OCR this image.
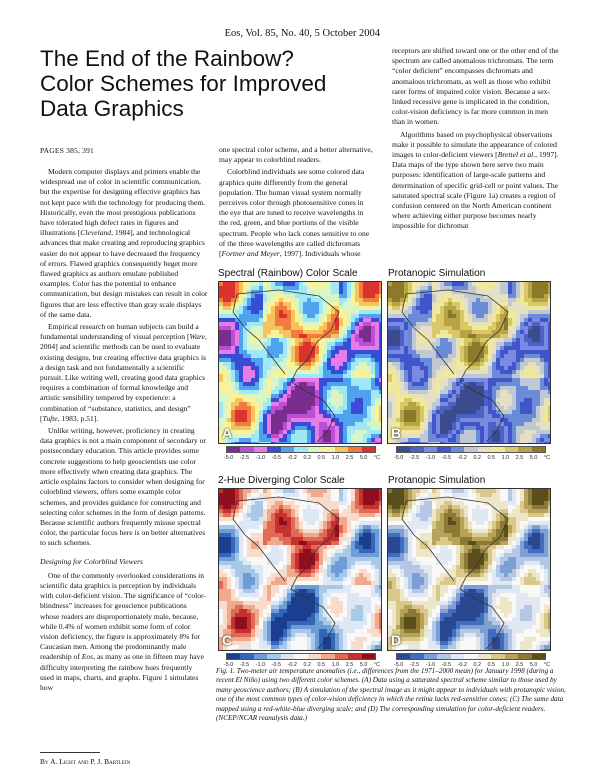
Eos, Vol. 85, No. 40, 5 October 2004
The End of the Rainbow?
Color Schemes for Improved
Data Graphics
PAGES 385, 391

Modern computer displays and printers enable the widespread use of color in scientific communication, but the expertise for designing effective graphics has not kept pace with the technology for producing them. Historically, even the most prestigious publications have tolerated high defect rates in figures and illustrations [Cleveland, 1984], and technological advances that make creating and reproducing graphics easier do not appear to have decreased the frequency of errors. Flawed graphics consequently beget more flawed graphics as authors emulate published examples. Color has the potential to enhance communication, but design mistakes can result in color figures that are less effective than gray scale displays of the same data.

Empirical research on human subjects can build a fundamental understanding of visual perception [Ware, 2004] and scientific methods can be used to evaluate existing designs, but creating effective data graphics is a design task and not fundamentally a scientific pursuit. Like writing well, creating good data graphics requires a combination of formal knowledge and artistic sensibility tempered by experience: a combination of “substance, statistics, and design” [Tufte, 1983, p.51].

Unlike writing, however, proficiency in creating data graphics is not a main component of secondary or postsecondary education. This article provides some concrete suggestions to help geoscientists use color more effectively when creating data graphics. The article explains factors to consider when designing for colorblind viewers, offers some example color schemes, and provides guidance for constructing and selecting color schemes in the form of design patterns. Because scientific authors frequently misuse spectral color, the particular focus here is on better alternatives to such schemes.

Designing for Colorblind Viewers

One of the commonly overlooked considerations in scientific data graphics is perception by individuals with color-deficient vision. The significance of “color-blindness” increases for geoscience publications whose readers are disproportionately male, because, while 0.4% of women exhibit some form of color vision deficiency, the figure is approximately 8% for Caucasian men. Among the predominantly male readership of Eos, as many as one in fifteen may have difficulty interpreting the rainbow hues frequently used in maps, charts, and graphs. Figure 1 simulates how

one spectral color scheme, and a better alternative, may appear to colorblind readers.

Colorblind individuals see some colored data graphics quite differently from the general population. The human visual system normally perceives color through photosensitive cones in the eye that are tuned to receive wavelengths in the red, green, and blue portions of the visible spectrum. People who lack cones sensitive to one of the three wavelengths are called dichromats [Fortner and Meyer, 1997]. Individuals whose

receptors are shifted toward one or the other end of the spectrum are called anomalous trichromats. The term “color deficient” encompasses dichromats and anomalous trichromats, as well as those who exhibit rarer forms of impaired color vision. Because a sex-linked recessive gene is implicated in the condition, color-vision deficiency is far more common in men than in women.

Algorithms based on psychophysical observations make it possible to simulate the appearance of colored images to color-deficient viewers [Brettel et al., 1997]. Data maps of the type shown here serve two main purposes: identification of large-scale patterns and determination of specific grid-cell or point values. The saturated spectral scale (Figure 1a) creates a region of confusion centered on the North American continent where achieving either purpose becomes nearly impossible for dichromat

Spectral (Rainbow) Color Scale	Protanopic Simulation
2-Hue Diverging Color Scale	Protanopic Simulation
A	B
C	D
-5.0 -2.5 -1.0 -0.5 -0.2 0.2 0.5 1.0 2.5 5.0 °C	-5.0 -2.5 -1.0 -0.5 -0.2 0.2 0.5 1.0 2.5 5.0 °C
-5.0 -2.5 -1.0 -0.5 -0.2 0.2 0.5 1.0 2.5 5.0 °C	-5.0 -2.5 -1.0 -0.5 -0.2 0.2 0.5 1.0 2.5 5.0 °C
Fig. 1. Two-meter air temperature anomalies (i.e., differences from the 1971–2000 mean) for January 1998 (during a recent El Niño) using two different color schemes. (A) Data using a saturated spectral scheme similar to those used by many geoscience authors; (B) A simulation of the spectral image as it might appear to individuals with protanopic vision, one of the most common types of color-vision deficiency in which the retina lacks red-sensitive cones; (C) The same data mapped using a red-white-blue diverging scale; and (D) The corresponding simulation for color-deficient readers. (NCEP/NCAR reanalysis data.)
By A. Light and P. J. Bartlein
